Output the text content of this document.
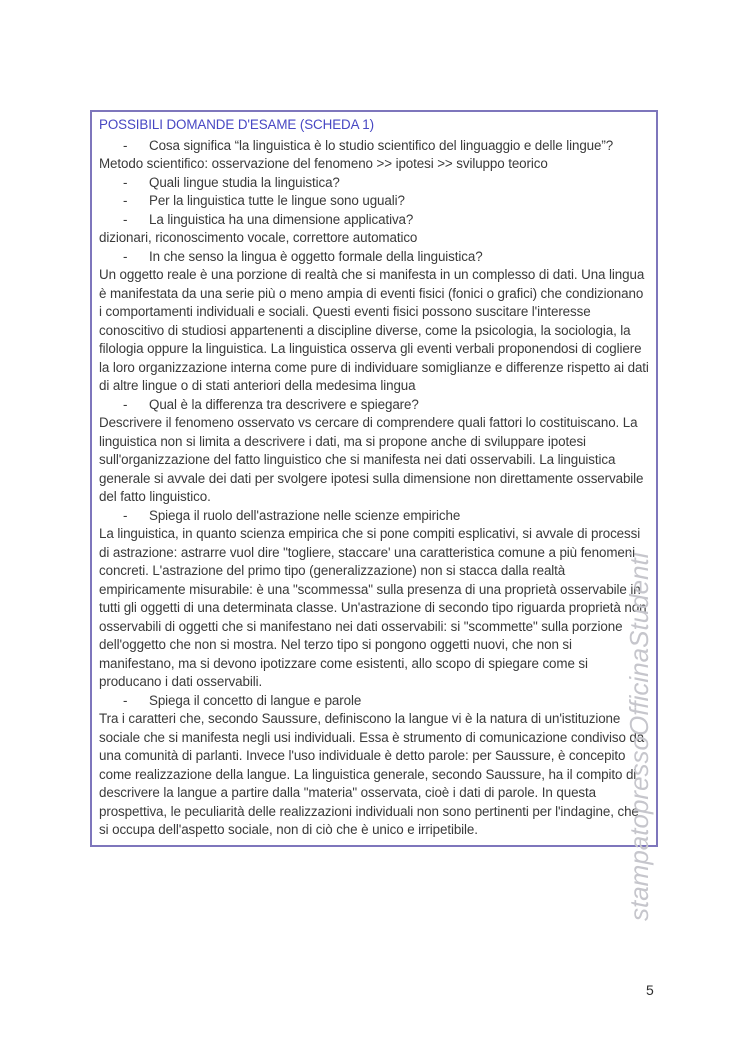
POSSIBILI DOMANDE D'ESAME (SCHEDA 1)
- Cosa significa “la linguistica è lo studio scientifico del linguaggio e delle lingue”?
Metodo scientifico: osservazione del fenomeno >> ipotesi >> sviluppo teorico
- Quali lingue studia la linguistica?
- Per la linguistica tutte le lingue sono uguali?
- La linguistica ha una dimensione applicativa?
dizionari, riconoscimento vocale, correttore automatico
- In che senso la lingua è oggetto formale della linguistica?
Un oggetto reale è una porzione di realtà che si manifesta in un complesso di dati. Una lingua è manifestata da una serie più o meno ampia di eventi fisici (fonici o grafici) che condizionano i comportamenti individuali e sociali. Questi eventi fisici possono suscitare l'interesse conoscitivo di studiosi appartenenti a discipline diverse, come la psicologia, la sociologia, la filologia oppure la linguistica. La linguistica osserva gli eventi verbali proponendosi di cogliere la loro organizzazione interna come pure di individuare somiglianze e differenze rispetto ai dati di altre lingue o di stati anteriori della medesima lingua
- Qual è la differenza tra descrivere e spiegare?
Descrivere il fenomeno osservato vs cercare di comprendere quali fattori lo costituiscano. La linguistica non si limita a descrivere i dati, ma si propone anche di sviluppare ipotesi sull'organizzazione del fatto linguistico che si manifesta nei dati osservabili. La linguistica generale si avvale dei dati per svolgere ipotesi sulla dimensione non direttamente osservabile del fatto linguistico.
- Spiega il ruolo dell'astrazione nelle scienze empiriche
La linguistica, in quanto scienza empirica che si pone compiti esplicativi, si avvale di processi di astrazione: astrarre vuol dire "togliere, staccare' una caratteristica comune a più fenomeni concreti. L'astrazione del primo tipo (generalizzazione) non si stacca dalla realtà empiricamente misurabile: è una "scommessa" sulla presenza di una proprietà osservabile in tutti gli oggetti di una determinata classe. Un'astrazione di secondo tipo riguarda proprietà non osservabili di oggetti che si manifestano nei dati osservabili: si "scommette" sulla porzione dell'oggetto che non si mostra. Nel terzo tipo si pongono oggetti nuovi, che non si manifestano, ma si devono ipotizzare come esistenti, allo scopo di spiegare come si producano i dati osservabili.
- Spiega il concetto di langue e parole
Tra i caratteri che, secondo Saussure, definiscono la langue vi è la natura di un'istituzione sociale che si manifesta negli usi individuali. Essa è strumento di comunicazione condiviso da una comunità di parlanti. Invece l'uso individuale è detto parole: per Saussure, è concepito come realizzazione della langue. La linguistica generale, secondo Saussure, ha il compito di descrivere la langue a partire dalla "materia" osservata, cioè i dati di parole. In questa prospettiva, le peculiarità delle realizzazioni individuali non sono pertinenti per l'indagine, che si occupa dell'aspetto sociale, non di ciò che è unico e irripetibile.	stampatopressoOfficinaStudenti
5
